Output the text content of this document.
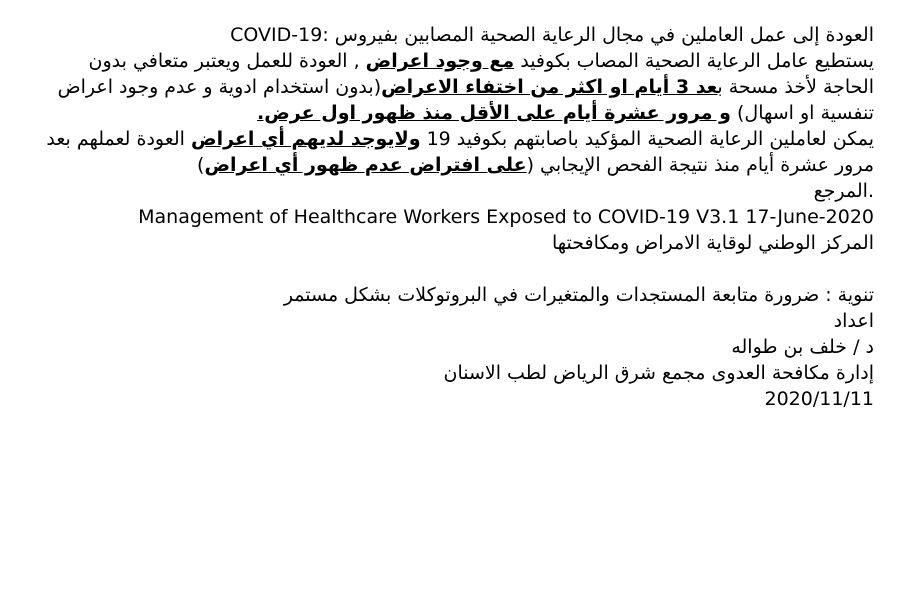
العودة إلى عمل العاملين في مجال الرعاية الصحية المصابين بفيروس :COVID-19

يستطيع عامل الرعاية الصحية المصاب بكوفيد مع وجود اعراض , العودة للعمل ويعتبر متعافي بدون الحاجة لأخذ مسحة بعد 3 أيام او اكثر من اختفاء الاعراض(بدون استخدام ادوية و عدم وجود اعراض تنفسية او اسهال) و مرور عشرة أيام على الأقل منذ ظهور اول عرض.

يمكن لعاملين الرعاية الصحية المؤكيد باصابتهم بكوفيد 19 ولايوجد لديهم أي اعراض العودة لعملهم بعد مرور عشرة أيام منذ نتيجة الفحص الإيجابي (على افتراض عدم ظهور أي اعراض)

.المرجع

Management of Healthcare Workers Exposed to COVID-19 V3.1 17-June-2020

المركز الوطني لوقاية الامراض ومكافحتها

تنوية : ضرورة متابعة المستجدات والمتغيرات في البروتوكلات بشكل مستمر

اعداد

د / خلف بن طواله

إدارة مكافحة العدوى مجمع شرق الرياض لطب الاسنان

2020/11/11
